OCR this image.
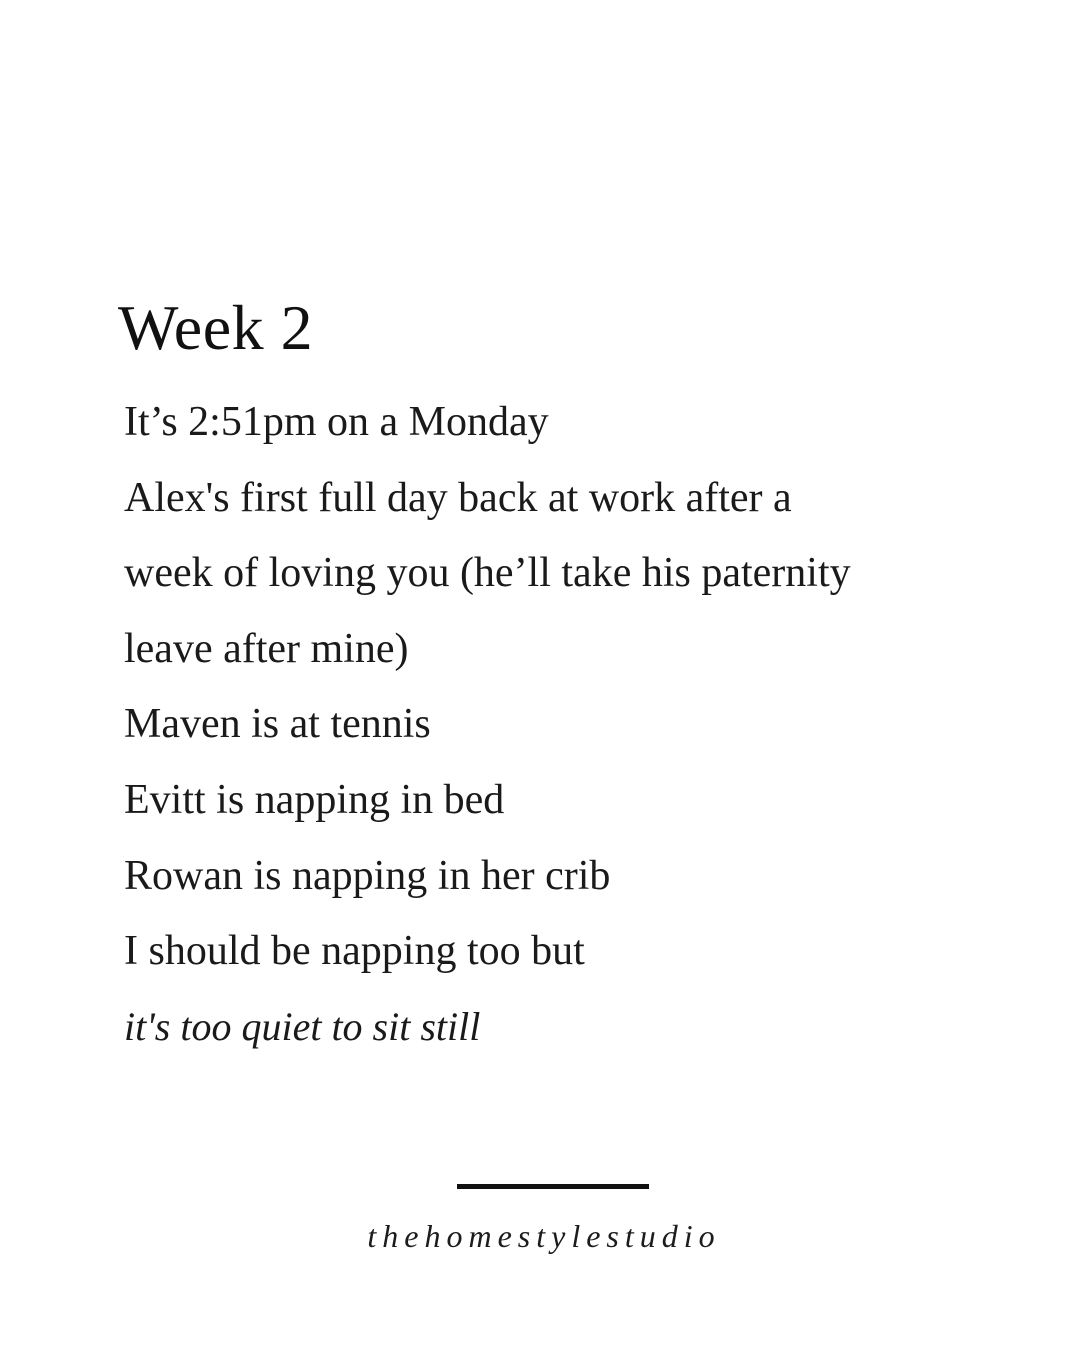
Week 2
It’s 2:51pm on a Monday
Alex's first full day back at work after a
week of loving you (he’ll take his paternity
leave after mine)
Maven is at tennis
Evitt is napping in bed
Rowan is napping in her crib
I should be napping too but
it's too quiet to sit still
thehomestylestudio
